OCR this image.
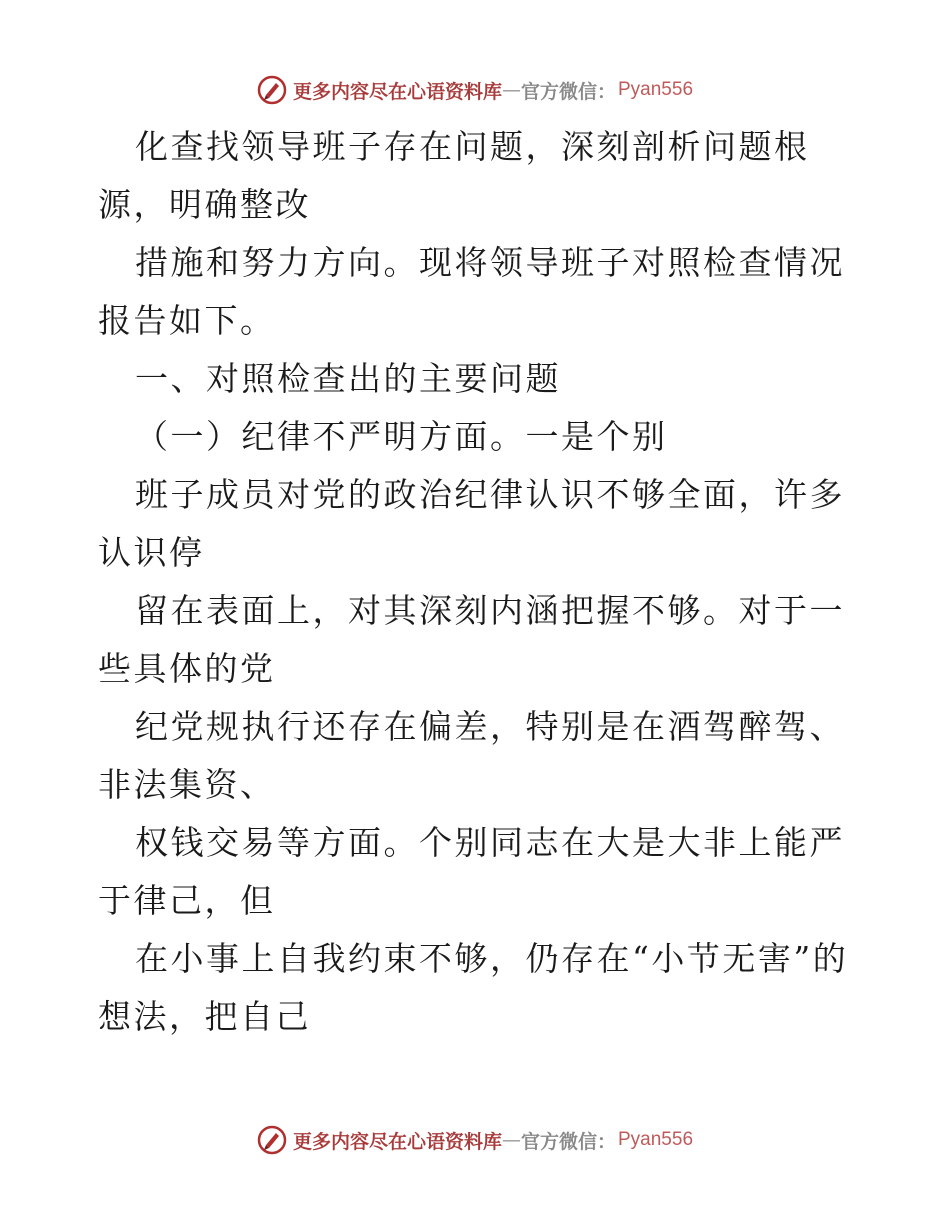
更多内容尽在心语资料库 — 官方微信： Pyan556

化查找领导班子存在问题，深刻剖析问题根源，明确整改

措施和努力方向。现将领导班子对照检查情况报告如下。

一、对照检查出的主要问题

（一）纪律不严明方面。一是个别

班子成员对党的政治纪律认识不够全面，许多认识停

留在表面上，对其深刻内涵把握不够。对于一些具体的党

纪党规执行还存在偏差，特别是在酒驾醉驾、非法集资、

权钱交易等方面。个别同志在大是大非上能严于律己，但

在小事上自我约束不够，仍存在“小节无害”的想法，把自己

更多内容尽在心语资料库 — 官方微信： Pyan556
